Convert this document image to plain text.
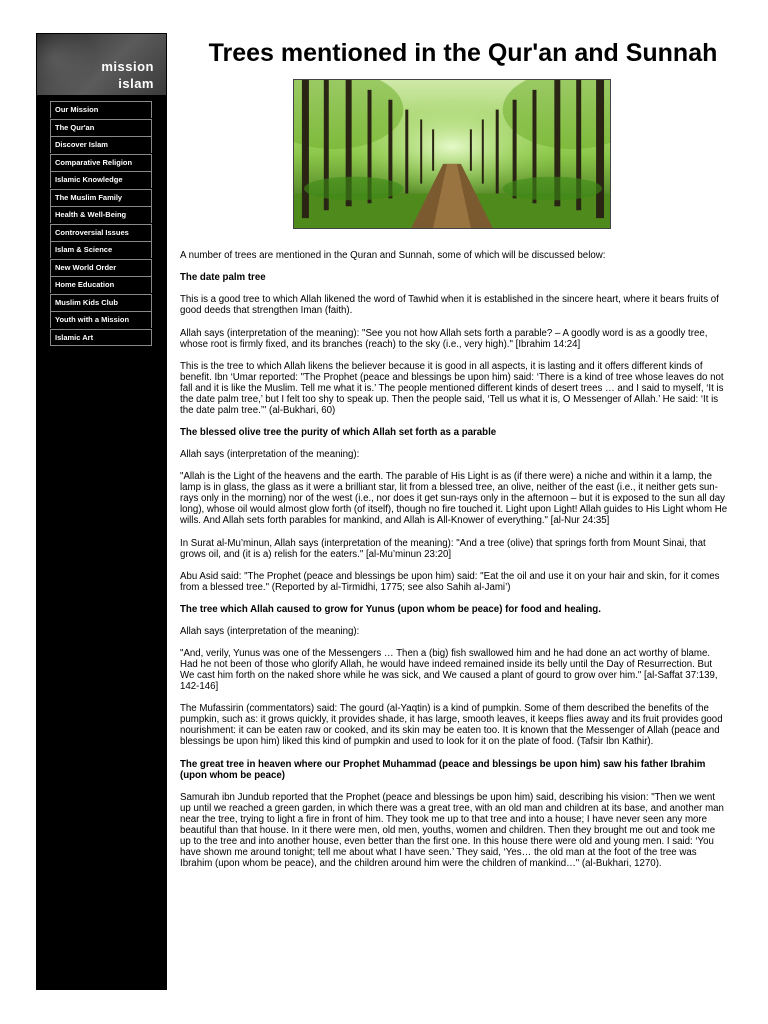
mission
islam
Our Mission
The Qur'an
Discover Islam
Comparative Religion
Islamic Knowledge
The Muslim Family
Health & Well-Being
Controversial Issues
Islam & Science
New World Order
Home Education
Muslim Kids Club
Youth with a Mission
Islamic Art
Trees mentioned in the Qur'an and Sunnah

A number of trees are mentioned in the Quran and Sunnah, some of which will be discussed below:

The date palm tree

This is a good tree to which Allah likened the word of Tawhid when it is established in the sincere heart, where it bears fruits of good deeds that strengthen Iman (faith).

Allah says (interpretation of the meaning): "See you not how Allah sets forth a parable? – A goodly word is as a goodly tree, whose root is firmly fixed, and its branches (reach) to the sky (i.e., very high)." [Ibrahim 14:24]

This is the tree to which Allah likens the believer because it is good in all aspects, it is lasting and it offers different kinds of benefit. Ibn ‘Umar reported: "The Prophet (peace and blessings be upon him) said: ‘There is a kind of tree whose leaves do not fall and it is like the Muslim. Tell me what it is.’ The people mentioned different kinds of desert trees … and I said to myself, ‘It is the date palm tree,’ but I felt too shy to speak up. Then the people said, ‘Tell us what it is, O Messenger of Allah.’ He said: ‘It is the date palm tree.’" (al-Bukhari, 60)

The blessed olive tree the purity of which Allah set forth as a parable

Allah says (interpretation of the meaning):

"Allah is the Light of the heavens and the earth. The parable of His Light is as (if there were) a niche and within it a lamp, the lamp is in glass, the glass as it were a brilliant star, lit from a blessed tree, an olive, neither of the east (i.e., it neither gets sun-rays only in the morning) nor of the west (i.e., nor does it get sun-rays only in the afternoon – but it is exposed to the sun all day long), whose oil would almost glow forth (of itself), though no fire touched it. Light upon Light! Allah guides to His Light whom He wills. And Allah sets forth parables for mankind, and Allah is All-Knower of everything." [al-Nur 24:35]

In Surat al-Mu’minun, Allah says (interpretation of the meaning): "And a tree (olive) that springs forth from Mount Sinai, that grows oil, and (it is a) relish for the eaters." [al-Mu’minun 23:20]

Abu Asid said: "The Prophet (peace and blessings be upon him) said: "Eat the oil and use it on your hair and skin, for it comes from a blessed tree." (Reported by al-Tirmidhi, 1775; see also Sahih al-Jami’)

The tree which Allah caused to grow for Yunus (upon whom be peace) for food and healing.

Allah says (interpretation of the meaning):

"And, verily, Yunus was one of the Messengers … Then a (big) fish swallowed him and he had done an act worthy of blame. Had he not been of those who glorify Allah, he would have indeed remained inside its belly until the Day of Resurrection. But We cast him forth on the naked shore while he was sick, and We caused a plant of gourd to grow over him." [al-Saffat 37:139, 142-146]

The Mufassirin (commentators) said: The gourd (al-Yaqtin) is a kind of pumpkin. Some of them described the benefits of the pumpkin, such as: it grows quickly, it provides shade, it has large, smooth leaves, it keeps flies away and its fruit provides good nourishment: it can be eaten raw or cooked, and its skin may be eaten too. It is known that the Messenger of Allah (peace and blessings be upon him) liked this kind of pumpkin and used to look for it on the plate of food. (Tafsir Ibn Kathir).

The great tree in heaven where our Prophet Muhammad (peace and blessings be upon him) saw his father Ibrahim (upon whom be peace)

Samurah ibn Jundub reported that the Prophet (peace and blessings be upon him) said, describing his vision: "Then we went up until we reached a green garden, in which there was a great tree, with an old man and children at its base, and another man near the tree, trying to light a fire in front of him. They took me up to that tree and into a house; I have never seen any more beautiful than that house. In it there were men, old men, youths, women and children. Then they brought me out and took me up to the tree and into another house, even better than the first one. In this house there were old and young men. I said: ‘You have shown me around tonight; tell me about what I have seen.’ They said, ‘Yes… the old man at the foot of the tree was Ibrahim (upon whom be peace), and the children around him were the children of mankind…" (al-Bukhari, 1270).
